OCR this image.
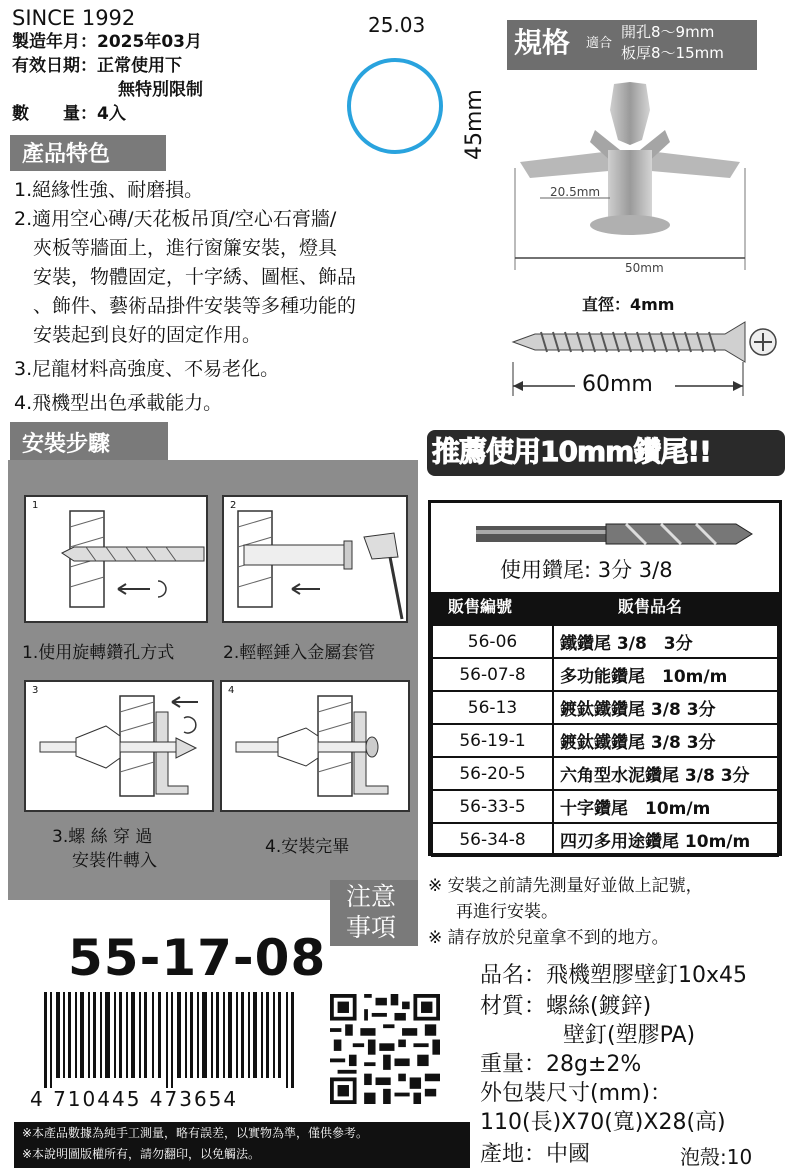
SINCE 1992
製造年月：2025年03月
有效日期：正常使用下
無特別限制
數　　量：4入
25.03
規格 適合
開孔8～9mm
板厚8～15mm
45mm
20.5mm
50mm
直徑：4mm
60mm
產品特色
1.絕緣性強、耐磨損。
2.適用空心磚/天花板吊頂/空心石膏牆/
　夾板等牆面上，進行窗簾安裝，燈具
　安裝，物體固定，十字綉、圖框、飾品
　、飾件、藝術品掛件安裝等多種功能的
　安裝起到良好的固定作用。
3.尼龍材料高強度、不易老化。
4.飛機型出色承載能力。
安裝步驟
1	2
1.使用旋轉鑽孔方式	2.輕輕錘入金屬套管
3	4
3.螺 絲 穿 過
安裝件轉入
4.安裝完畢
推薦使用10mm鑽尾!!
使用鑽尾: 3分 3/8
販售編號	販售品名
56-06	鐵鑽尾 3/8　3分
56-07-8	多功能鑽尾　10m/m
56-13	鍍鈦鐵鑽尾 3/8 3分
56-19-1	鍍鈦鐵鑽尾 3/8 3分
56-20-5	六角型水泥鑽尾 3/8 3分
56-33-5	十字鑽尾　10m/m
56-34-8	四刃多用途鑽尾 10m/m
注意
事項
※ 安裝之前請先測量好並做上記號，
再進行安裝。
※ 請存放於兒童拿不到的地方。
55-17-08
4 710445 473654
品名：飛機塑膠壁釘10x45
材質：螺絲(鍍鋅)
壁釘(塑膠PA)
重量：28g±2%
外包裝尺寸(mm)：
110(長)X70(寬)X28(高)
產地：中國	泡殼:10
※本產品數據為純手工測量，略有誤差，以實物為準，僅供參考。
※本說明圖版權所有，請勿翻印，以免觸法。
